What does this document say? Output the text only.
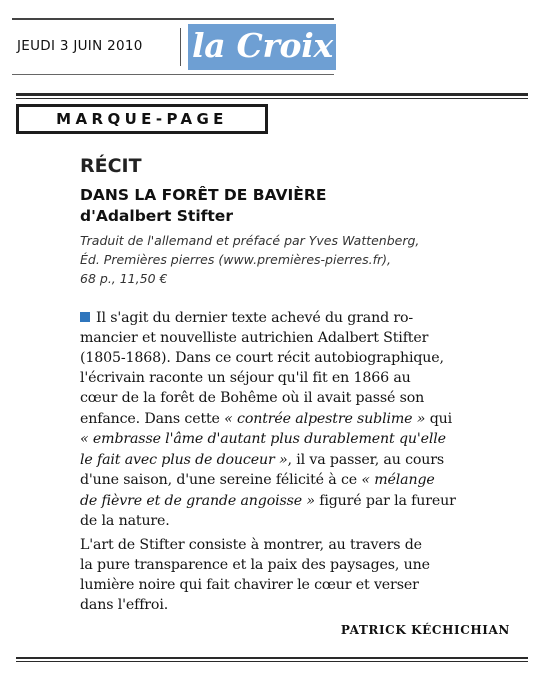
JEUDI 3 JUIN 2010 la Croix
MARQUE-PAGE
RÉCIT
DANS LA FORÊT DE BAVIÈRE
d'Adalbert Stifter
Traduit de l'allemand et préfacé par Yves Wattenberg,
Éd. Premières pierres (www.premières-pierres.fr),
68 p., 11,50 €
Il s'agit du dernier texte achevé du grand ro-
mancier et nouvelliste autrichien Adalbert Stifter
(1805-1868). Dans ce court récit autobiographique,
l'écrivain raconte un séjour qu'il fit en 1866 au
cœur de la forêt de Bohême où il avait passé son
enfance. Dans cette « contrée alpestre sublime » qui
« embrasse l'âme d'autant plus durablement qu'elle
le fait avec plus de douceur », il va passer, au cours
d'une saison, d'une sereine félicité à ce « mélange
de fièvre et de grande angoisse » figuré par la fureur
de la nature.
L'art de Stifter consiste à montrer, au travers de
la pure transparence et la paix des paysages, une
lumière noire qui fait chavirer le cœur et verser
dans l'effroi.
PATRICK KÉCHICHIAN
